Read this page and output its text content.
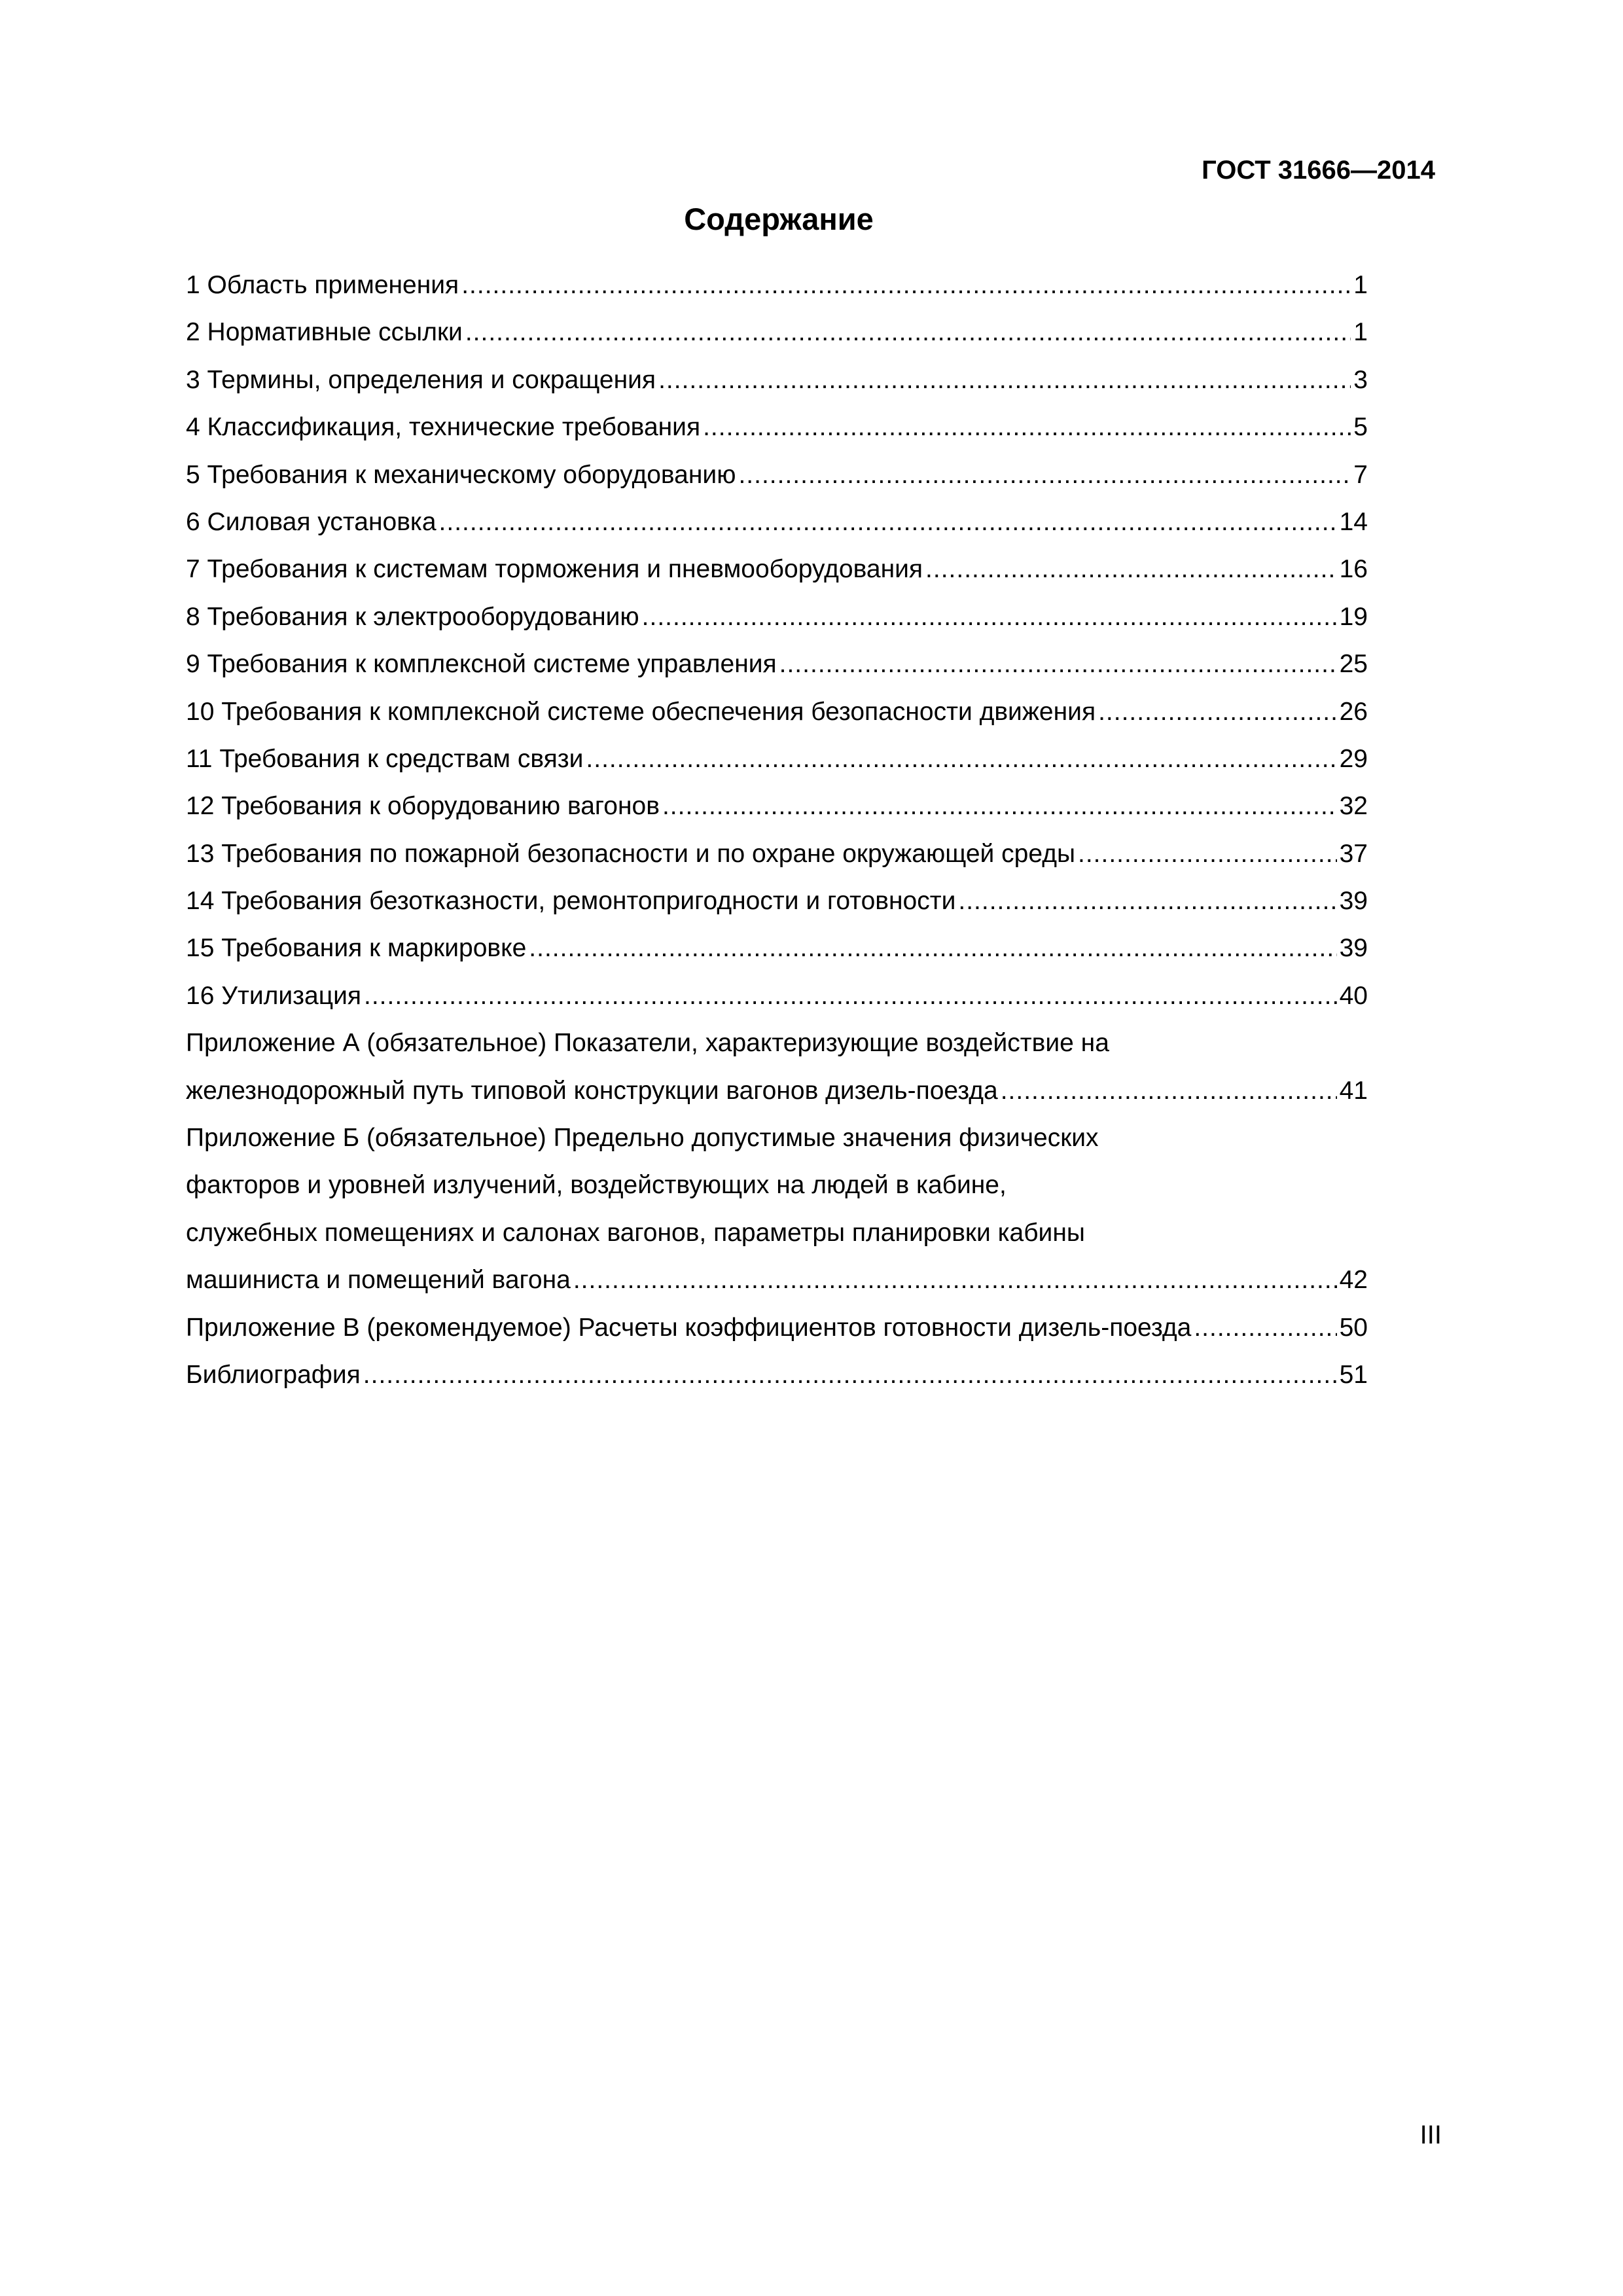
ГОСТ 31666—2014
Содержание
1 Область применения .....	1
2 Нормативные ссылки .....	1
3 Термины, определения и сокращения .....	3
4 Классификация, технические требования .....	5
5 Требования к механическому оборудованию .....	7
6 Силовая установка .....	14
7 Требования к системам торможения и пневмооборудования .....	16
8 Требования к электрооборудованию .....	19
9 Требования к комплексной системе управления .....	25
10 Требования к комплексной системе обеспечения безопасности движения .....	26
11 Требования к средствам связи .....	29
12 Требования к оборудованию вагонов .....	32
13 Требования по пожарной безопасности и по охране окружающей среды .....	37
14 Требования безотказности, ремонтопригодности и готовности .....	39
15 Требования к маркировке .....	39
16 Утилизация .....	40
Приложение А (обязательное) Показатели, характеризующие воздействие на
железнодорожный путь типовой конструкции вагонов дизель-поезда .....	41
Приложение Б (обязательное) Предельно допустимые значения физических
факторов и уровней излучений, воздействующих на людей в кабине,
служебных помещениях и салонах вагонов, параметры планировки кабины
машиниста и помещений вагона .....	42
Приложение В (рекомендуемое) Расчеты коэффициентов готовности дизель-поезда .....	50
Библиография .....	51
III
